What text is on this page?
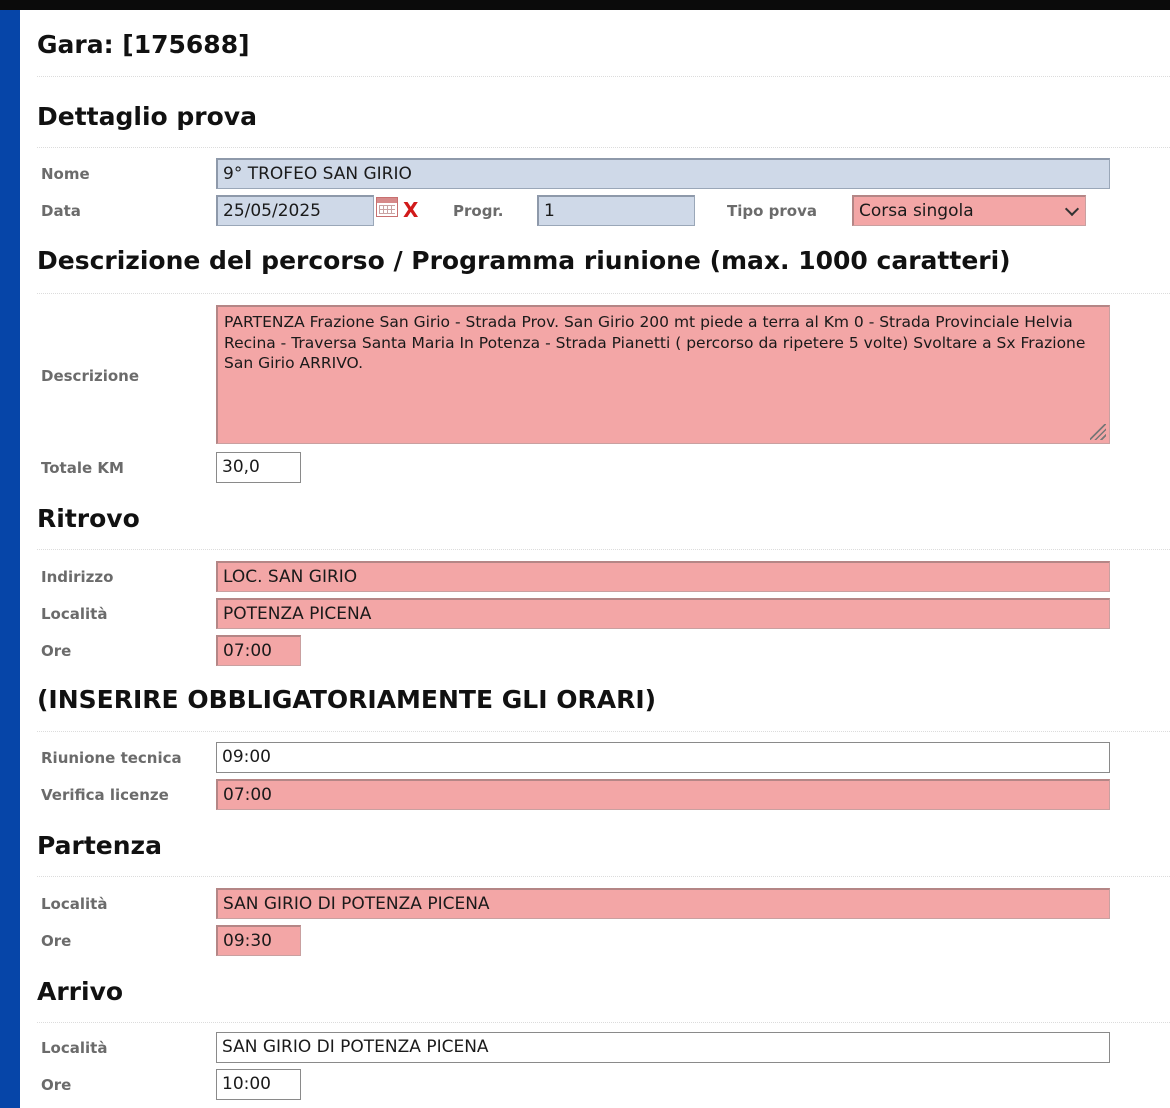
Gara: [175688]
Dettaglio prova
Nome	9° TROFEO SAN GIRIO
Data	25/05/2025	X Progr.	1	Tipo prova	Corsa singola
Descrizione del percorso / Programma riunione (max. 1000 caratteri)
Descrizione
PARTENZA Frazione San Girio - Strada Prov. San Girio 200 mt piede a terra al Km 0 - Strada Provinciale Helvia Recina - Traversa Santa Maria In Potenza - Strada Pianetti ( percorso da ripetere 5 volte) Svoltare a Sx Frazione San Girio ARRIVO.
Totale KM	30,0
Ritrovo
Indirizzo	LOC. SAN GIRIO
Località	POTENZA PICENA
Ore	07:00
(INSERIRE OBBLIGATORIAMENTE GLI ORARI)
Riunione tecnica	09:00
Verifica licenze	07:00
Partenza
Località	SAN GIRIO DI POTENZA PICENA
Ore	09:30
Arrivo
Località	SAN GIRIO DI POTENZA PICENA
Ore	10:00
